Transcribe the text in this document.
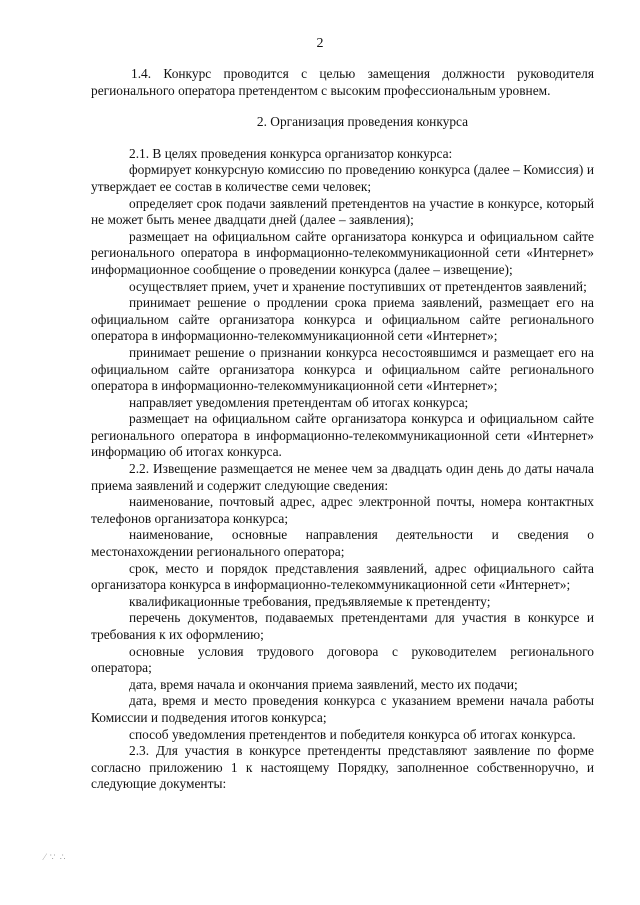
2

1.4. Конкурс проводится с целью замещения должности руководителя регионального оператора претендентом с высоким профессиональным уровнем.

2. Организация проведения конкурса

2.1. В целях проведения конкурса организатор конкурса:

формирует конкурсную комиссию по проведению конкурса (далее – Комиссия) и утверждает ее состав в количестве семи человек;

определяет срок подачи заявлений претендентов на участие в конкурсе, который не может быть менее двадцати дней (далее – заявления);

размещает на официальном сайте организатора конкурса и официальном сайте регионального оператора в информационно-телекоммуникационной сети «Интернет» информационное сообщение о проведении конкурса (далее – извещение);

осуществляет прием, учет и хранение поступивших от претендентов заявлений;

принимает решение о продлении срока приема заявлений, размещает его на официальном сайте организатора конкурса и официальном сайте регионального оператора в информационно-телекоммуникационной сети «Интернет»;

принимает решение о признании конкурса несостоявшимся и размещает его на официальном сайте организатора конкурса и официальном сайте регионального оператора в информационно-телекоммуникационной сети «Интернет»;

направляет уведомления претендентам об итогах конкурса;

размещает на официальном сайте организатора конкурса и официальном сайте регионального оператора в информационно-телекоммуникационной сети «Интернет» информацию об итогах конкурса.

2.2. Извещение размещается не менее чем за двадцать один день до даты начала приема заявлений и содержит следующие сведения:

наименование, почтовый адрес, адрес электронной почты, номера контактных телефонов организатора конкурса;

наименование, основные направления деятельности и сведения о местонахождении регионального оператора;

срок, место и порядок представления заявлений, адрес официального сайта организатора конкурса в информационно-телекоммуникационной сети «Интернет»;

квалификационные требования, предъявляемые к претенденту;

перечень документов, подаваемых претендентами для участия в конкурсе и требования к их оформлению;

основные условия трудового договора с руководителем регионального оператора;

дата, время начала и окончания приема заявлений, место их подачи;

дата, время и место проведения конкурса с указанием времени начала работы Комиссии и подведения итогов конкурса;

способ уведомления претендентов и победителя конкурса об итогах конкурса.

2.3. Для участия в конкурсе претенденты представляют заявление по форме согласно приложению 1 к настоящему Порядку, заполненное собственноручно, и следующие документы:

⁄ ∵ ∴
